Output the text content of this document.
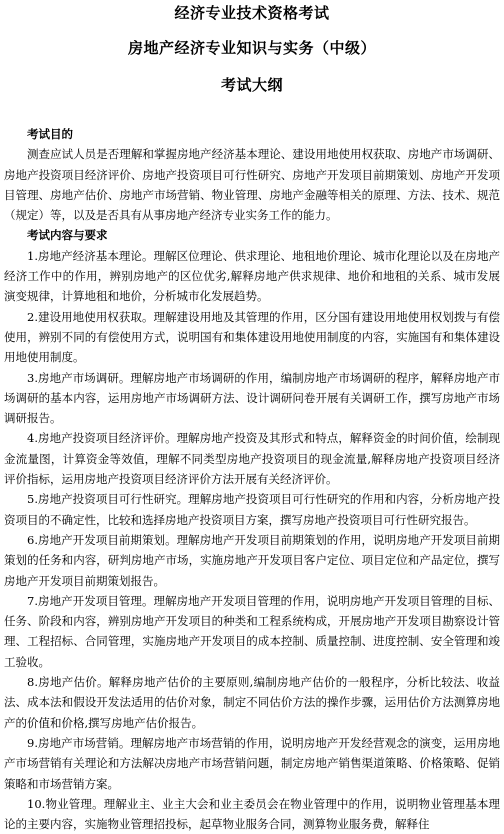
经济专业技术资格考试
房地产经济专业知识与实务（中级）
考试大纲

考试目的

测查应试人员是否理解和掌握房地产经济基本理论、建设用地使用权获取、房地产市场调研、房地产投资项目经济评价、房地产投资项目可行性研究、房地产开发项目前期策划、房地产开发项目管理、房地产估价、房地产市场营销、物业管理、房地产金融等相关的原理、方法、技术、规范（规定）等，以及是否具有从事房地产经济专业实务工作的能力。

考试内容与要求

1.房地产经济基本理论。理解区位理论、供求理论、地租地价理论、城市化理论以及在房地产经济工作中的作用，辨别房地产的区位优劣,解释房地产供求规律、地价和地租的关系、城市发展演变规律，计算地租和地价，分析城市化发展趋势。

2.建设用地使用权获取。理解建设用地及其管理的作用，区分国有建设用地使用权划拨与有偿使用，辨别不同的有偿使用方式，说明国有和集体建设用地使用制度的内容，实施国有和集体建设用地使用制度。

3.房地产市场调研。理解房地产市场调研的作用，编制房地产市场调研的程序，解释房地产市场调研的基本内容，运用房地产市场调研方法、设计调研问卷开展有关调研工作，撰写房地产市场调研报告。

4.房地产投资项目经济评价。理解房地产投资及其形式和特点，解释资金的时间价值，绘制现金流量图，计算资金等效值，理解不同类型房地产投资项目的现金流量,解释房地产投资项目经济评价指标，运用房地产投资项目经济评价方法开展有关经济评价。

5.房地产投资项目可行性研究。理解房地产投资项目可行性研究的作用和内容，分析房地产投资项目的不确定性，比较和选择房地产投资项目方案，撰写房地产投资项目可行性研究报告。

6.房地产开发项目前期策划。理解房地产开发项目前期策划的作用，说明房地产开发项目前期策划的任务和内容，研判房地产市场，实施房地产开发项目客户定位、项目定位和产品定位，撰写房地产开发项目前期策划报告。

7.房地产开发项目管理。理解房地产开发项目管理的作用，说明房地产开发项目管理的目标、任务、阶段和内容，辨别房地产开发项目的种类和工程系统构成，开展房地产开发项目勘察设计管理、工程招标、合同管理，实施房地产开发项目的成本控制、质量控制、进度控制、安全管理和竣工验收。

8.房地产估价。解释房地产估价的主要原则,编制房地产估价的一般程序，分析比较法、收益法、成本法和假设开发法适用的估价对象，制定不同估价方法的操作步骤，运用估价方法测算房地产的价值和价格,撰写房地产估价报告。

9.房地产市场营销。理解房地产市场营销的作用，说明房地产开发经营观念的演变，运用房地产市场营销有关理论和方法解决房地产市场营销问题，制定房地产销售渠道策略、价格策略、促销策略和市场营销方案。

10.物业管理。理解业主、业主大会和业主委员会在物业管理中的作用，说明物业管理基本理论的主要内容，实施物业管理招投标，起草物业服务合同，测算物业服务费，解释住
